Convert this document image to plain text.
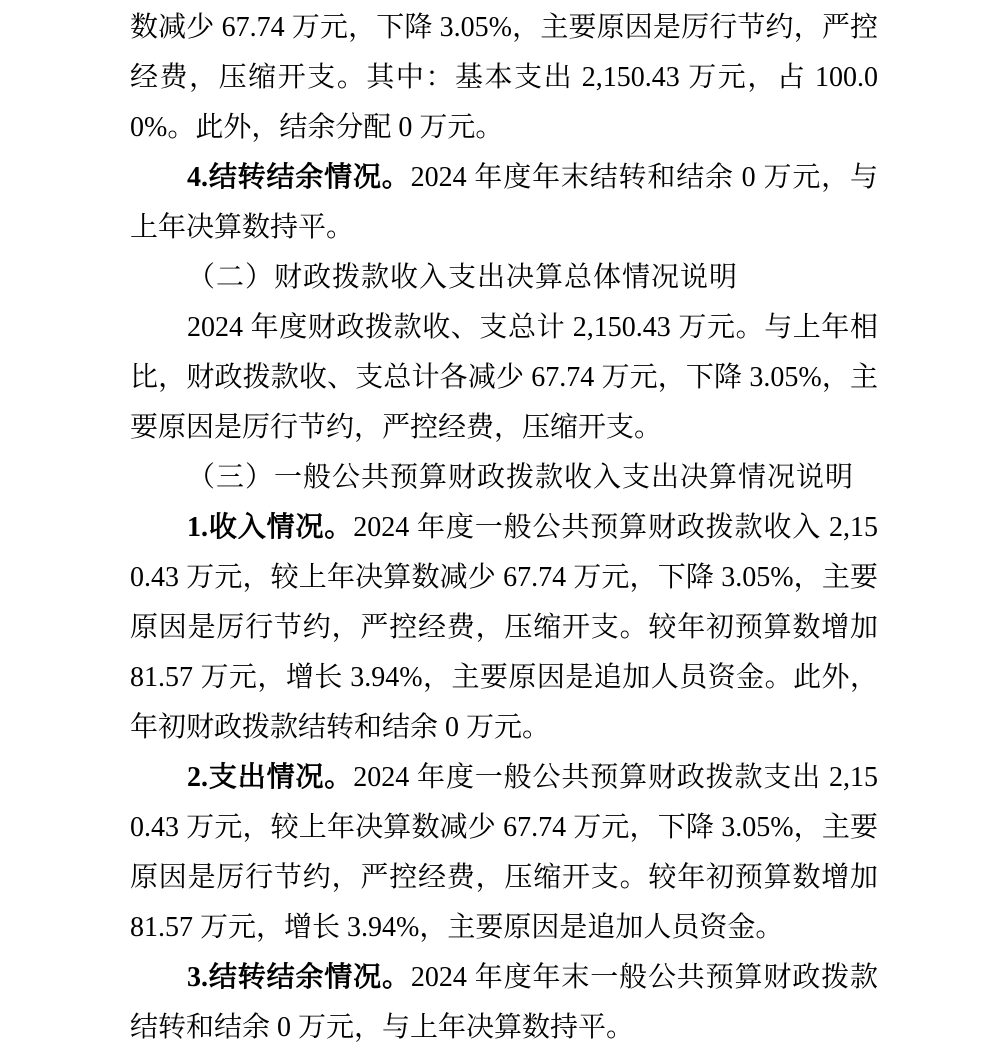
数减少 67.74 万元，下降 3.05%，主要原因是厉行节约，严控经费，压缩开支。其中：基本支出 2,150.43 万元，占 100.00%。此外，结余分配 0 万元。

4.结转结余情况。2024 年度年末结转和结余 0 万元，与上年决算数持平。

（二）财政拨款收入支出决算总体情况说明

2024 年度财政拨款收、支总计 2,150.43 万元。与上年相比，财政拨款收、支总计各减少 67.74 万元，下降 3.05%，主要原因是厉行节约，严控经费，压缩开支。

（三）一般公共预算财政拨款收入支出决算情况说明

1.收入情况。2024 年度一般公共预算财政拨款收入 2,150.43 万元，较上年决算数减少 67.74 万元，下降 3.05%，主要原因是厉行节约，严控经费，压缩开支。较年初预算数增加 81.57 万元，增长 3.94%，主要原因是追加人员资金。此外，年初财政拨款结转和结余 0 万元。

2.支出情况。2024 年度一般公共预算财政拨款支出 2,150.43 万元，较上年决算数减少 67.74 万元，下降 3.05%，主要原因是厉行节约，严控经费，压缩开支。较年初预算数增加 81.57 万元，增长 3.94%，主要原因是追加人员资金。

3.结转结余情况。2024 年度年末一般公共预算财政拨款结转和结余 0 万元，与上年决算数持平。
